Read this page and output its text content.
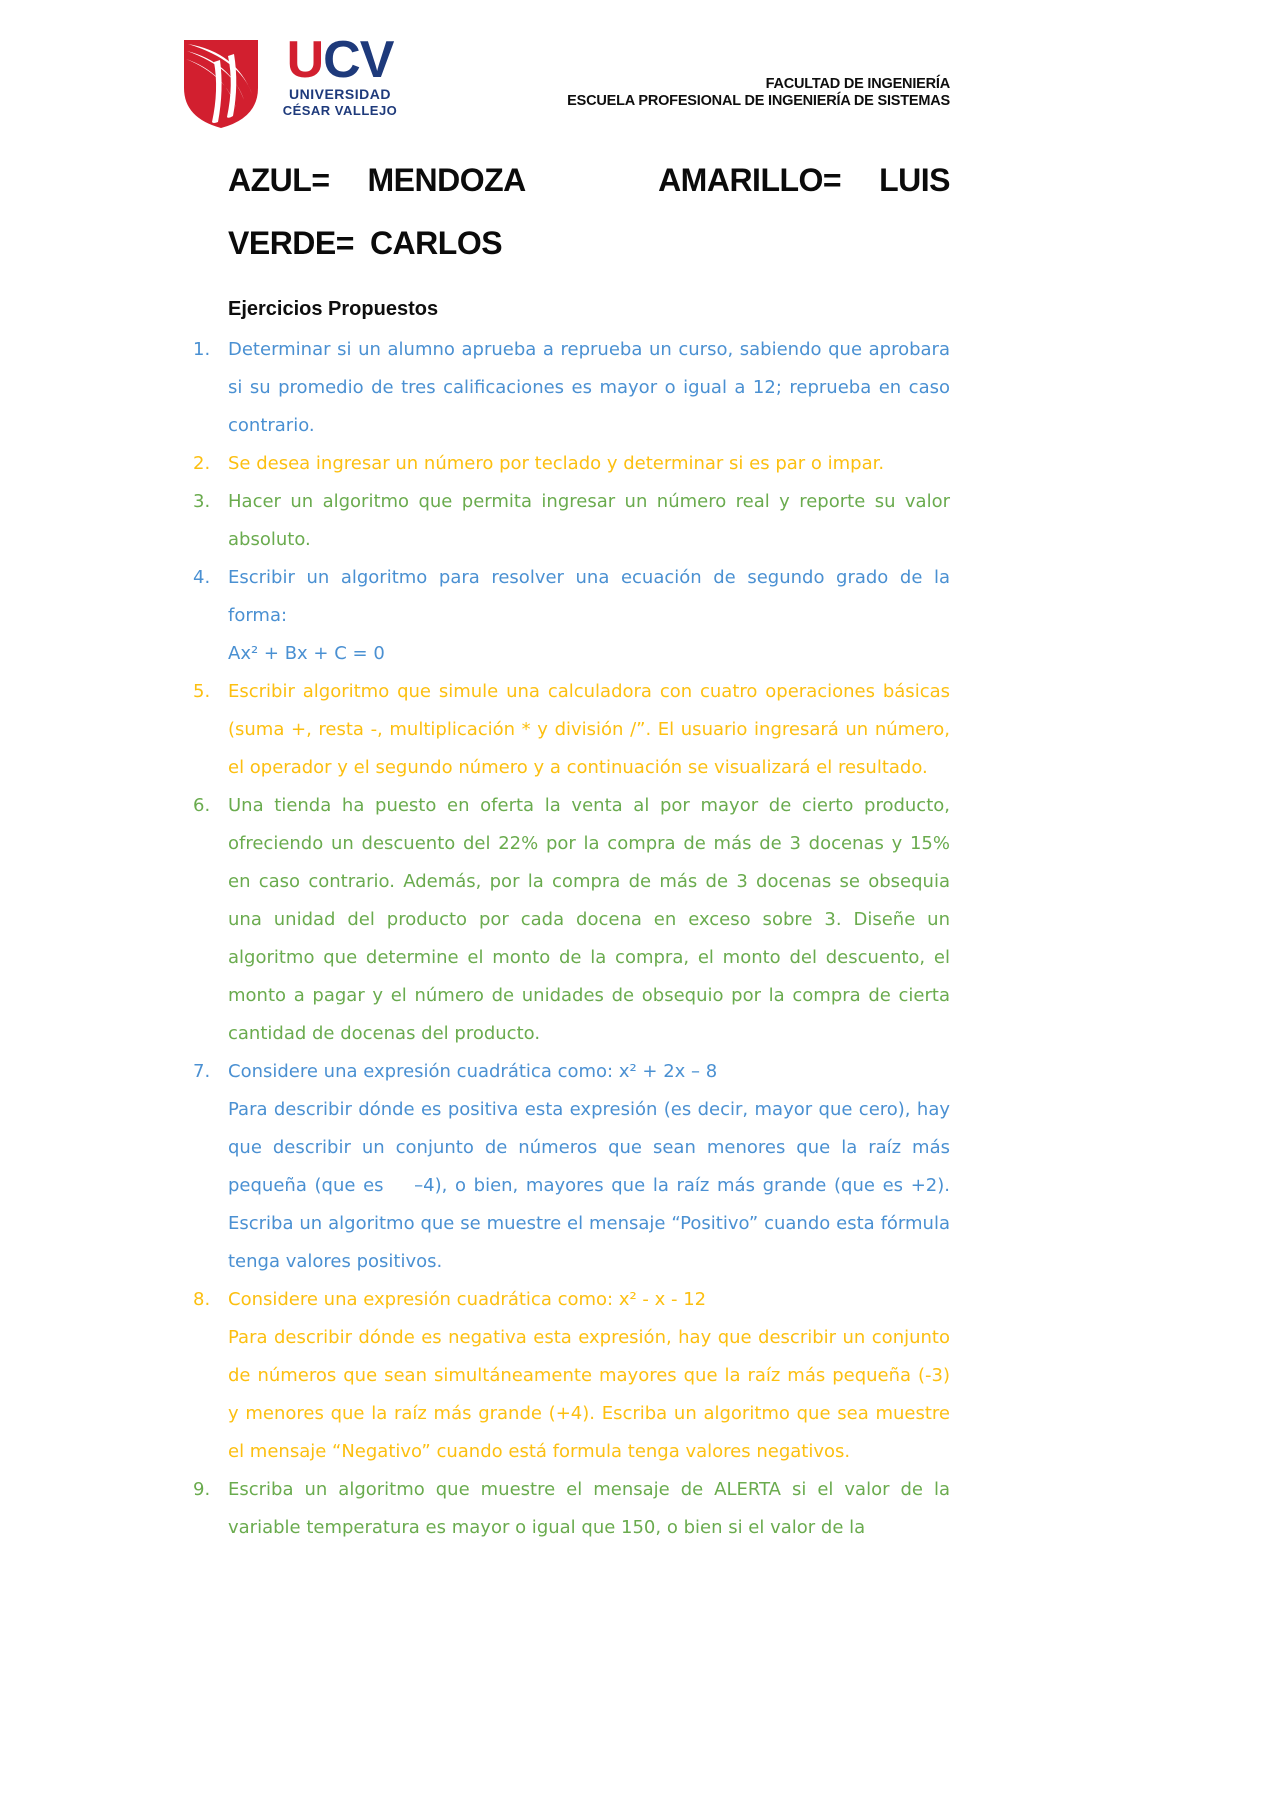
UCV
UNIVERSIDAD
CÉSAR VALLEJO
FACULTAD DE INGENIERÍA
ESCUELA PROFESIONAL DE INGENIERÍA DE SISTEMAS
AZUL= MENDOZA	AMARILLO= LUIS
VERDE= CARLOS
Ejercicios Propuestos
1. Determinar si un alumno aprueba a reprueba un curso, sabiendo que aprobara si su promedio de tres calificaciones es mayor o igual a 12; reprueba en caso contrario.
2. Se desea ingresar un número por teclado y determinar si es par o impar.
3. Hacer un algoritmo que permita ingresar un número real y reporte su valor absoluto.
4. Escribir un algoritmo para resolver una ecuación de segundo grado de la forma:
Ax² + Bx + C = 0
5. Escribir algoritmo que simule una calculadora con cuatro operaciones básicas (suma +, resta -, multiplicación * y división /”. El usuario ingresará un número, el operador y el segundo número y a continuación se visualizará el resultado.
6. Una tienda ha puesto en oferta la venta al por mayor de cierto producto, ofreciendo un descuento del 22% por la compra de más de 3 docenas y 15% en caso contrario. Además, por la compra de más de 3 docenas se obsequia una unidad del producto por cada docena en exceso sobre 3. Diseñe un algoritmo que determine el monto de la compra, el monto del descuento, el monto a pagar y el número de unidades de obsequio por la compra de cierta cantidad de docenas del producto.
7. Considere una expresión cuadrática como: x² + 2x – 8
Para describir dónde es positiva esta expresión (es decir, mayor que cero), hay que describir un conjunto de números que sean menores que la raíz más pequeña (que es    –4), o bien, mayores que la raíz más grande (que es +2). Escriba un algoritmo que se muestre el mensaje “Positivo” cuando esta fórmula tenga valores positivos.
8. Considere una expresión cuadrática como: x² - x - 12
Para describir dónde es negativa esta expresión, hay que describir un conjunto de números que sean simultáneamente mayores que la raíz más pequeña (-3) y menores que la raíz más grande (+4). Escriba un algoritmo que sea muestre el mensaje “Negativo” cuando está formula tenga valores negativos.
9. Escriba un algoritmo que muestre el mensaje de ALERTA si el valor de la variable temperatura es mayor o igual que 150, o bien si el valor de la
